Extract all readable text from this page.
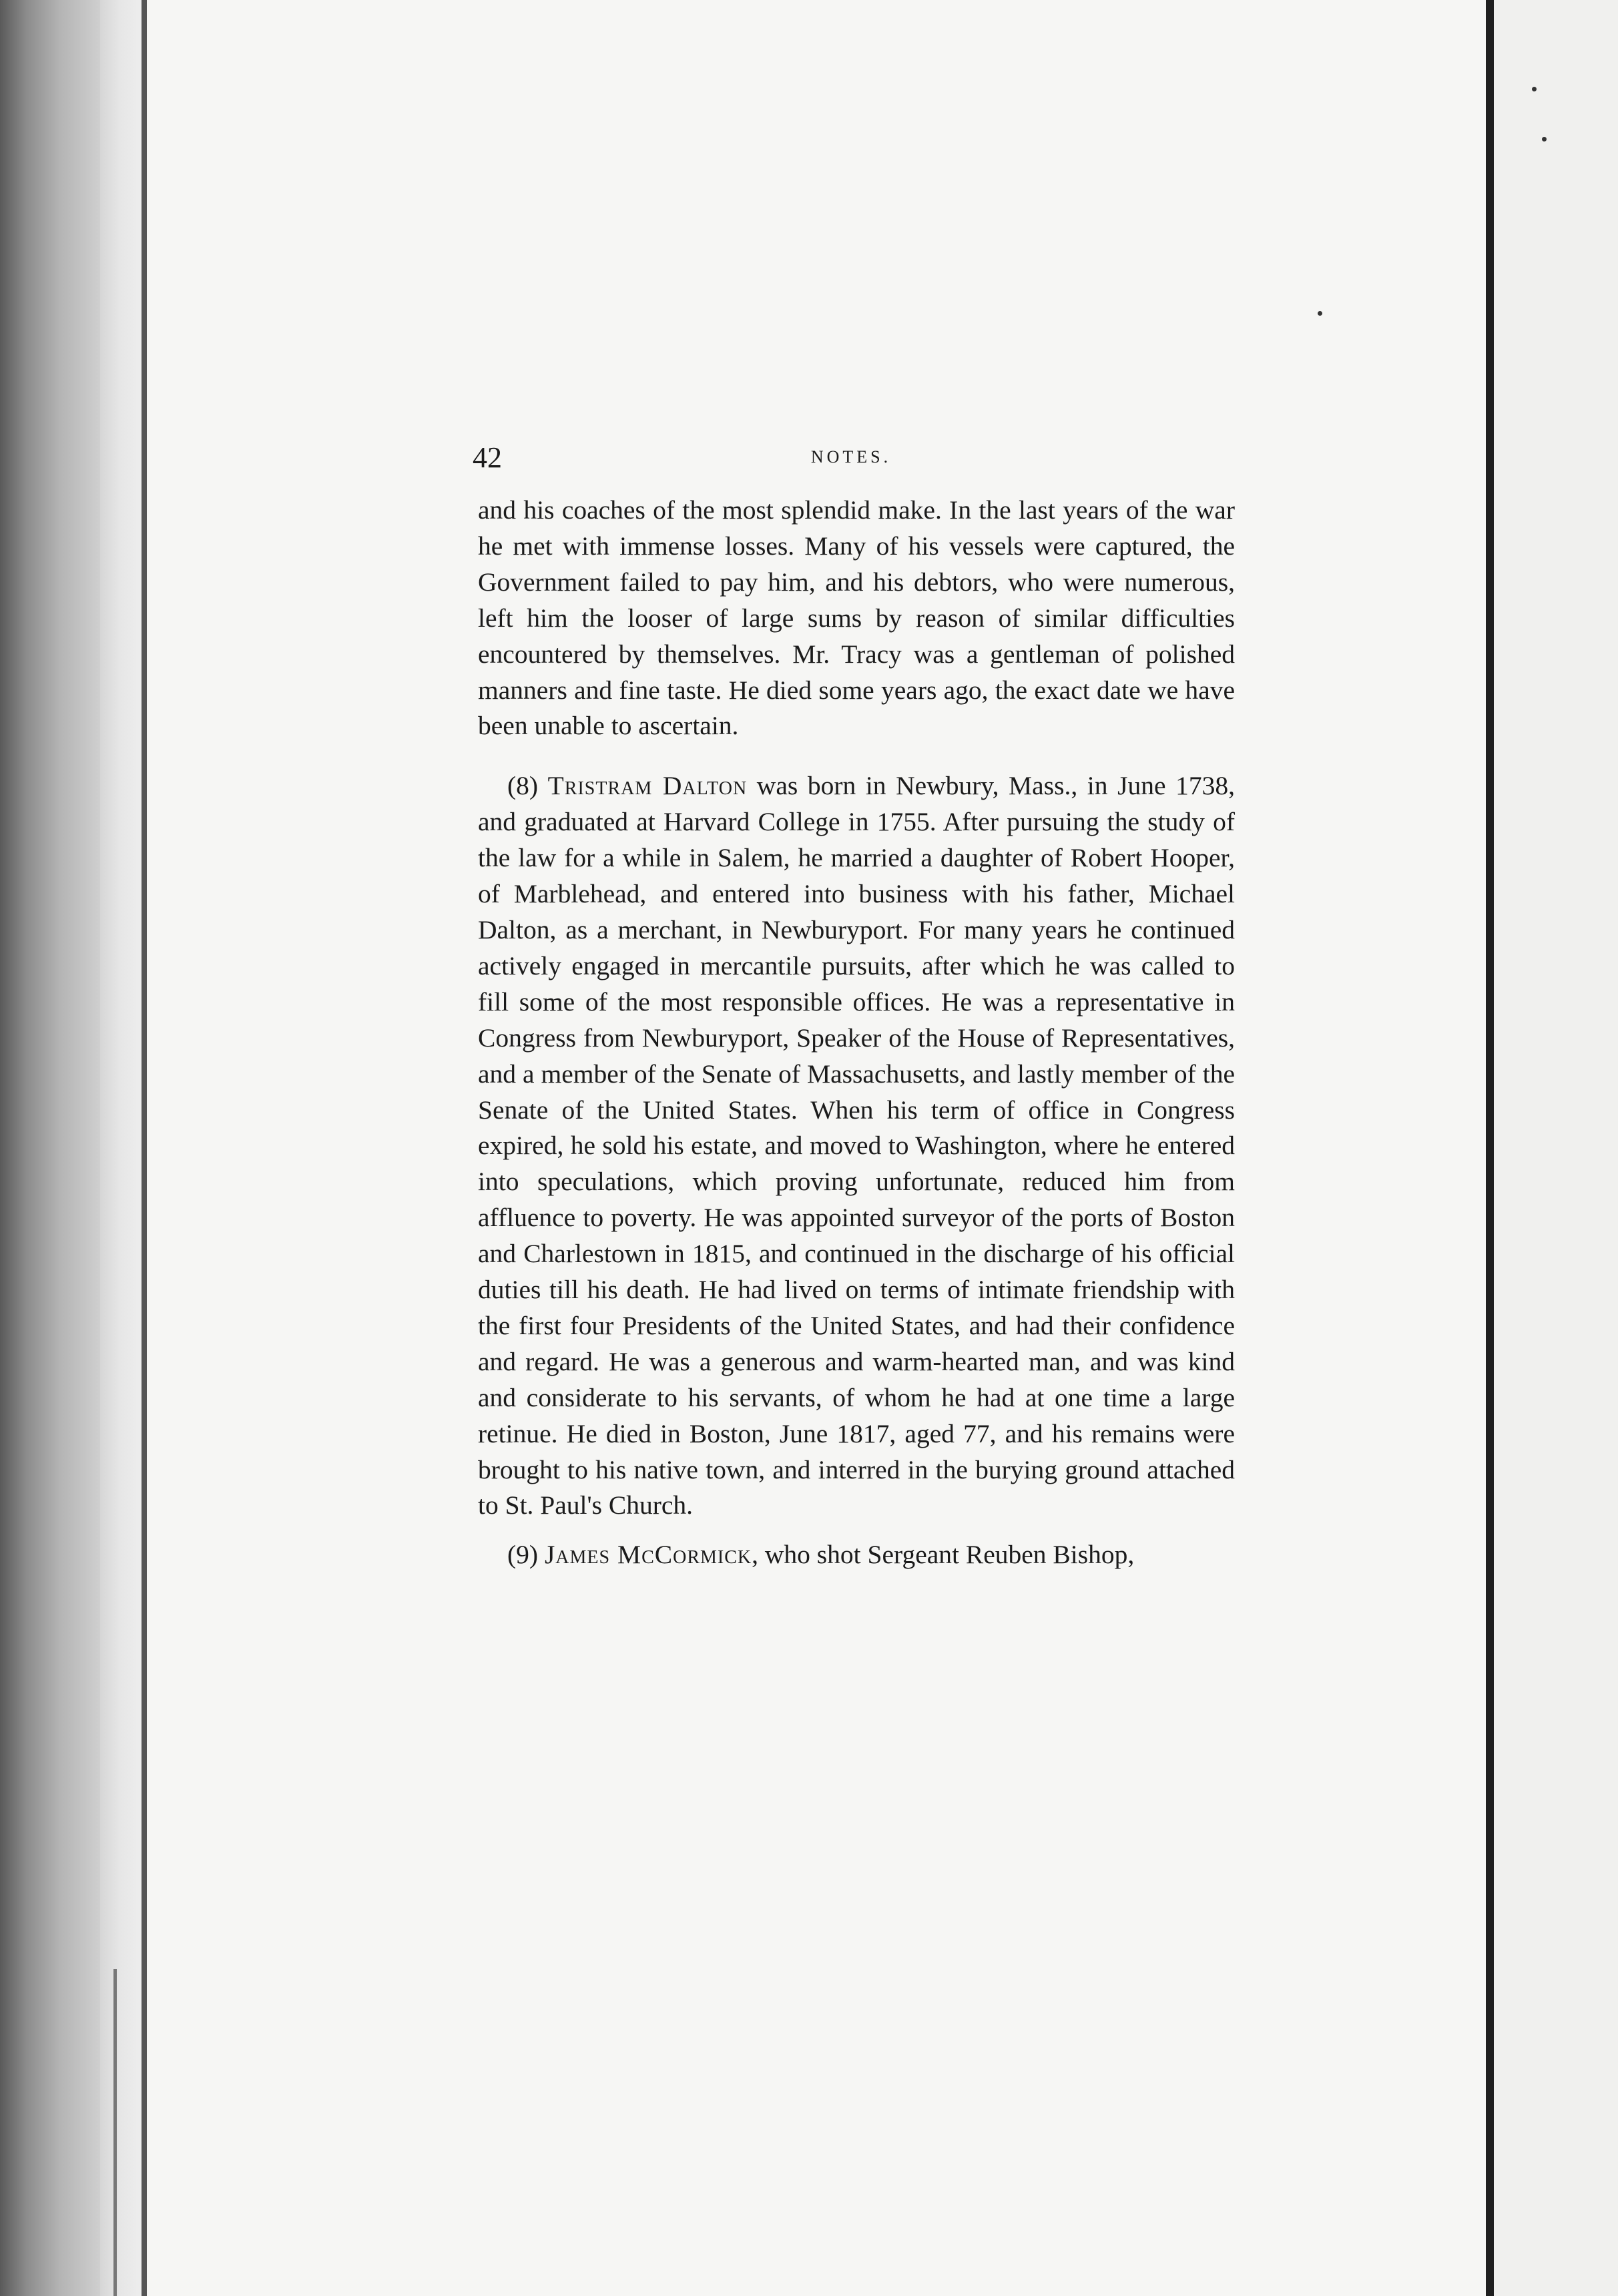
42	NOTES.

and his coaches of the most splendid make. In the last years of the war he met with immense losses. Many of his vessels were captured, the Government failed to pay him, and his debtors, who were numerous, left him the looser of large sums by reason of similar difficulties encountered by themselves. Mr. Tracy was a gentleman of polished manners and fine taste. He died some years ago, the exact date we have been unable to ascertain.

(8) Tristram Dalton was born in Newbury, Mass., in June 1738, and graduated at Harvard College in 1755. After pursuing the study of the law for a while in Salem, he married a daughter of Robert Hooper, of Marblehead, and entered into business with his father, Michael Dalton, as a merchant, in Newburyport. For many years he continued actively engaged in mercantile pursuits, after which he was called to fill some of the most responsible offices. He was a representative in Congress from Newburyport, Speaker of the House of Representatives, and a member of the Senate of Massachusetts, and lastly member of the Senate of the United States. When his term of office in Congress expired, he sold his estate, and moved to Washington, where he entered into speculations, which proving unfortunate, reduced him from affluence to poverty. He was appointed surveyor of the ports of Boston and Charlestown in 1815, and continued in the discharge of his official duties till his death. He had lived on terms of intimate friendship with the first four Presidents of the United States, and had their confidence and regard. He was a generous and warm-hearted man, and was kind and considerate to his servants, of whom he had at one time a large retinue. He died in Boston, June 1817, aged 77, and his remains were brought to his native town, and interred in the burying ground attached to St. Paul's Church.

(9) James McCormick, who shot Sergeant Reuben Bishop,
